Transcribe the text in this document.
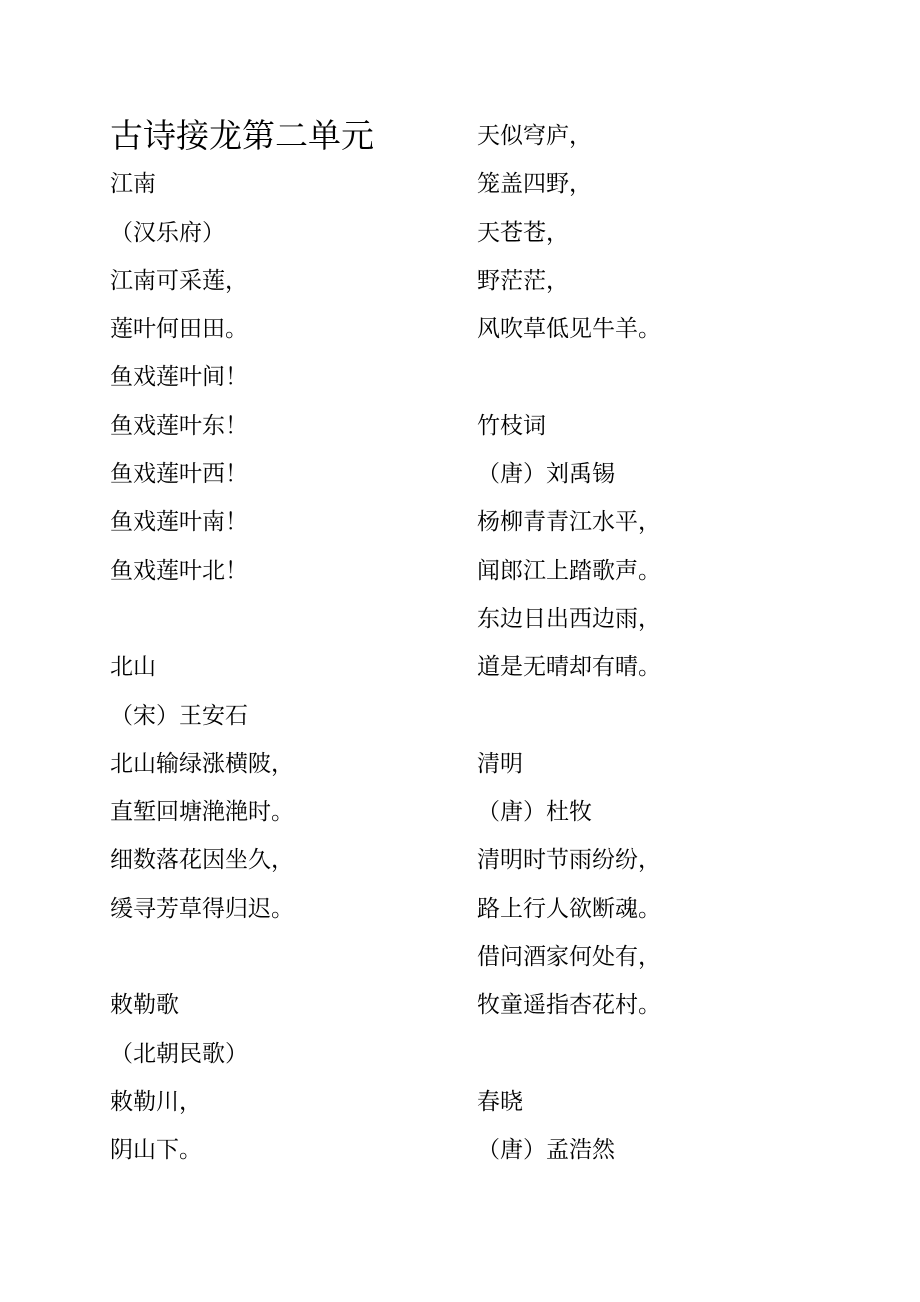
古诗接龙第二单元
江南
（汉乐府）
江南可采莲，
莲叶何田田。
鱼戏莲叶间！
鱼戏莲叶东！
鱼戏莲叶西！
鱼戏莲叶南！
鱼戏莲叶北！
北山
（宋）王安石
北山输绿涨横陂，
直堑回塘滟滟时。
细数落花因坐久，
缓寻芳草得归迟。
敕勒歌
（北朝民歌）
敕勒川，
阴山下。
天似穹庐，
笼盖四野，
天苍苍，
野茫茫，
风吹草低见牛羊。
竹枝词
（唐）刘禹锡
杨柳青青江水平，
闻郎江上踏歌声。
东边日出西边雨，
道是无晴却有晴。
清明
（唐）杜牧
清明时节雨纷纷，
路上行人欲断魂。
借问酒家何处有，
牧童遥指杏花村。
春晓
（唐）孟浩然
